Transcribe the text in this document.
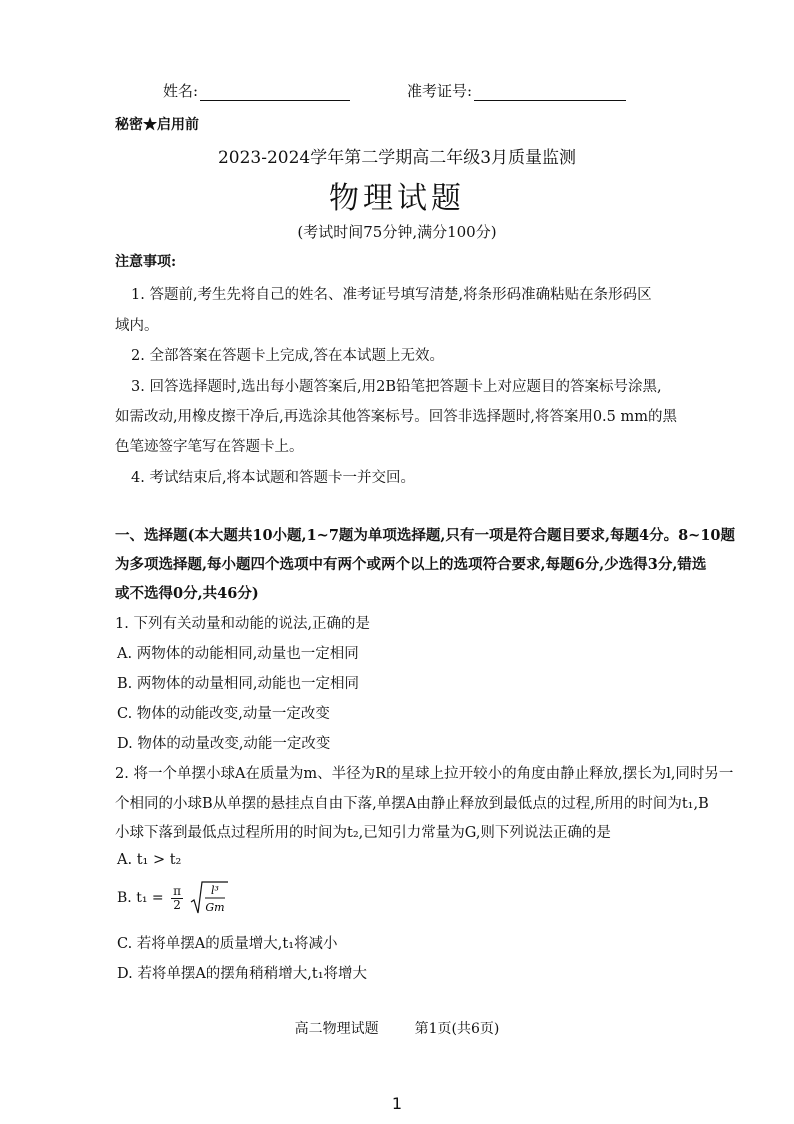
姓名:	准考证号:
秘密★启用前
2023-2024学年第二学期高二年级3月质量监测
物理试题
(考试时间75分钟,满分100分)
注意事项:
1. 答题前,考生先将自己的姓名、准考证号填写清楚,将条形码准确粘贴在条形码区
域内。
2. 全部答案在答题卡上完成,答在本试题上无效。
3. 回答选择题时,选出每小题答案后,用2B铅笔把答题卡上对应题目的答案标号涂黑,
如需改动,用橡皮擦干净后,再选涂其他答案标号。回答非选择题时,将答案用0.5 mm的黑
色笔迹签字笔写在答题卡上。
4. 考试结束后,将本试题和答题卡一并交回。
一、选择题(本大题共10小题,1~7题为单项选择题,只有一项是符合题目要求,每题4分。8~10题
为多项选择题,每小题四个选项中有两个或两个以上的选项符合要求,每题6分,少选得3分,错选
或不选得0分,共46分)
1. 下列有关动量和动能的说法,正确的是
A. 两物体的动能相同,动量也一定相同
B. 两物体的动量相同,动能也一定相同
C. 物体的动能改变,动量一定改变
D. 物体的动量改变,动能一定改变
2. 将一个单摆小球A在质量为m、半径为R的星球上拉开较小的角度由静止释放,摆长为l,同时另一
个相同的小球B从单摆的悬挂点自由下落,单摆A由静止释放到最低点的过程,所用的时间为t₁,B
小球下落到最低点过程所用的时间为t₂,已知引力常量为G,则下列说法正确的是
A. t₁ > t₂
B. $t_1 = \frac{\pi}{2}$
	l³
Gm
C. 若将单摆A的质量增大,t₁将减小
D. 若将单摆A的摆角稍稍增大,t₁将增大
高二物理试题	第1页(共6页)
1
